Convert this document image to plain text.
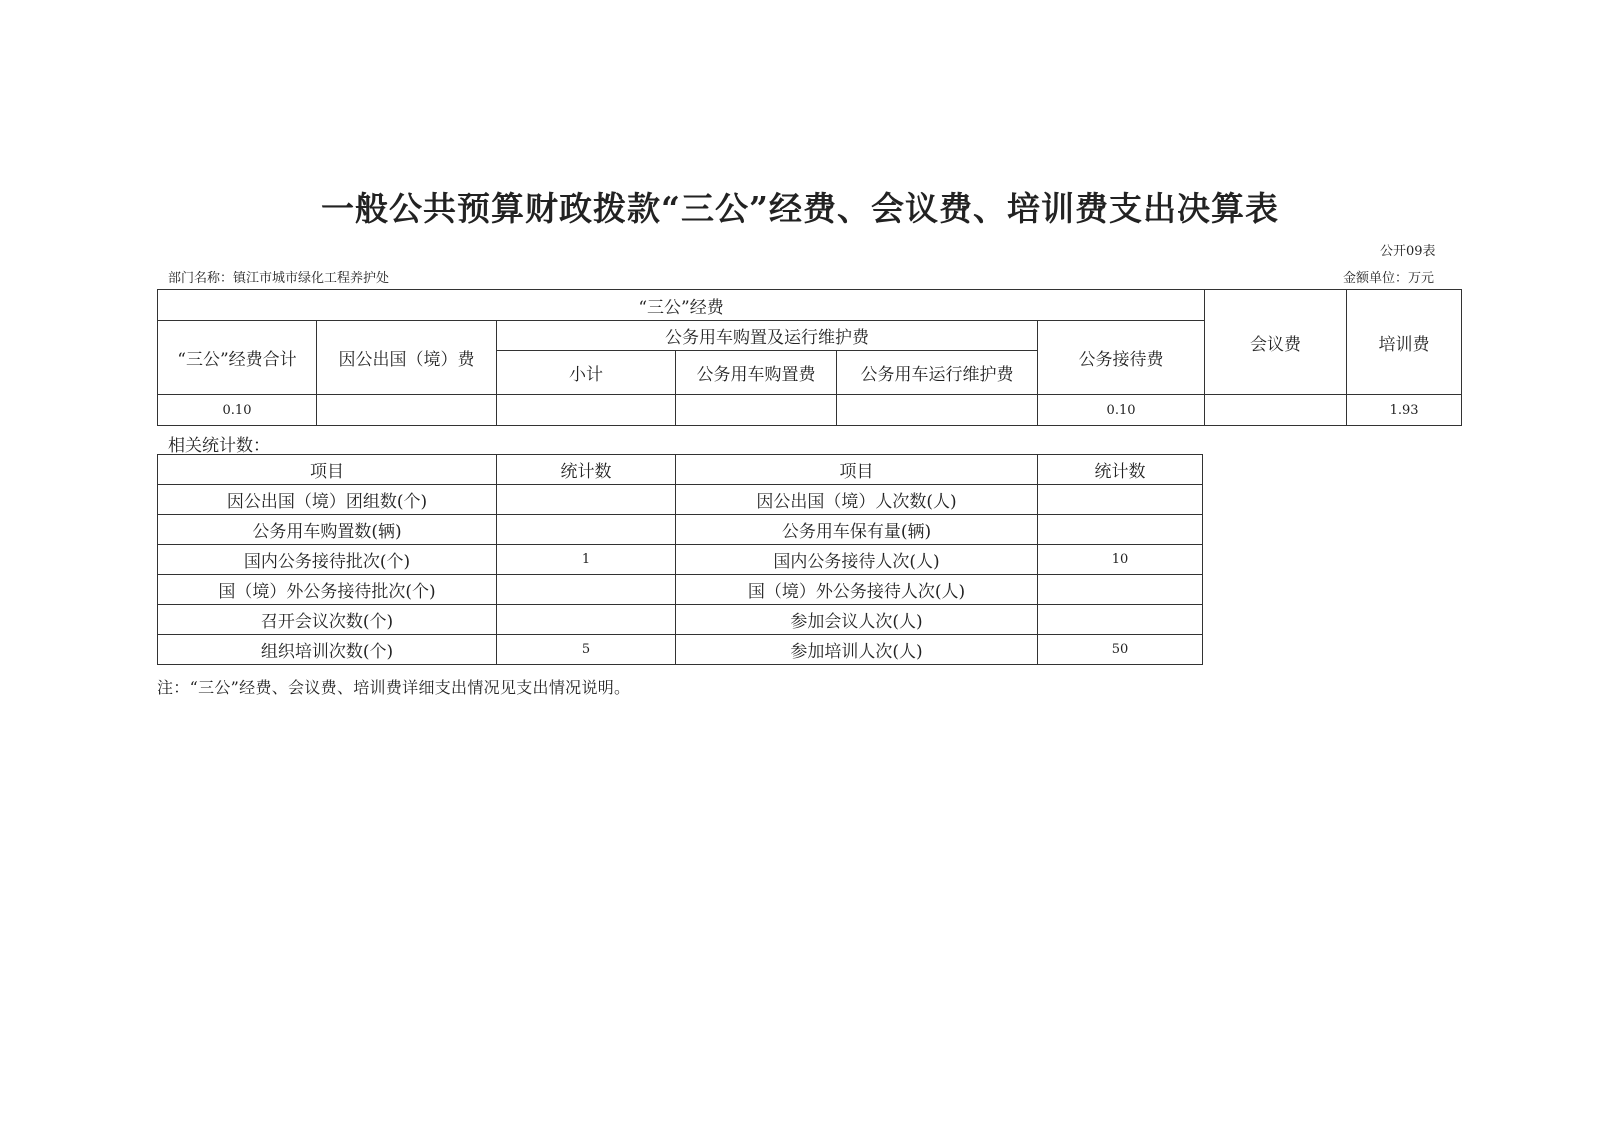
一般公共预算财政拨款“三公”经费、会议费、培训费支出决算表
公开09表
部门名称：镇江市城市绿化工程养护处	金额单位：万元
“三公”经费						会议费	培训费
“三公”经费合计	因公出国（境）费	公务用车购置及运行维护费			公务接待费		
		小计	公务用车购置费	公务用车运行维护费			
0.10					0.10		1.93
相关统计数：
项目	统计数	项目	统计数
因公出国（境）团组数(个)		因公出国（境）人次数(人)	
公务用车购置数(辆)		公务用车保有量(辆)	
国内公务接待批次(个)	1	国内公务接待人次(人)	10
国（境）外公务接待批次(个)		国（境）外公务接待人次(人)	
召开会议次数(个)		参加会议人次(人)	
组织培训次数(个)	5	参加培训人次(人)	50
注：“三公”经费、会议费、培训费详细支出情况见支出情况说明。
